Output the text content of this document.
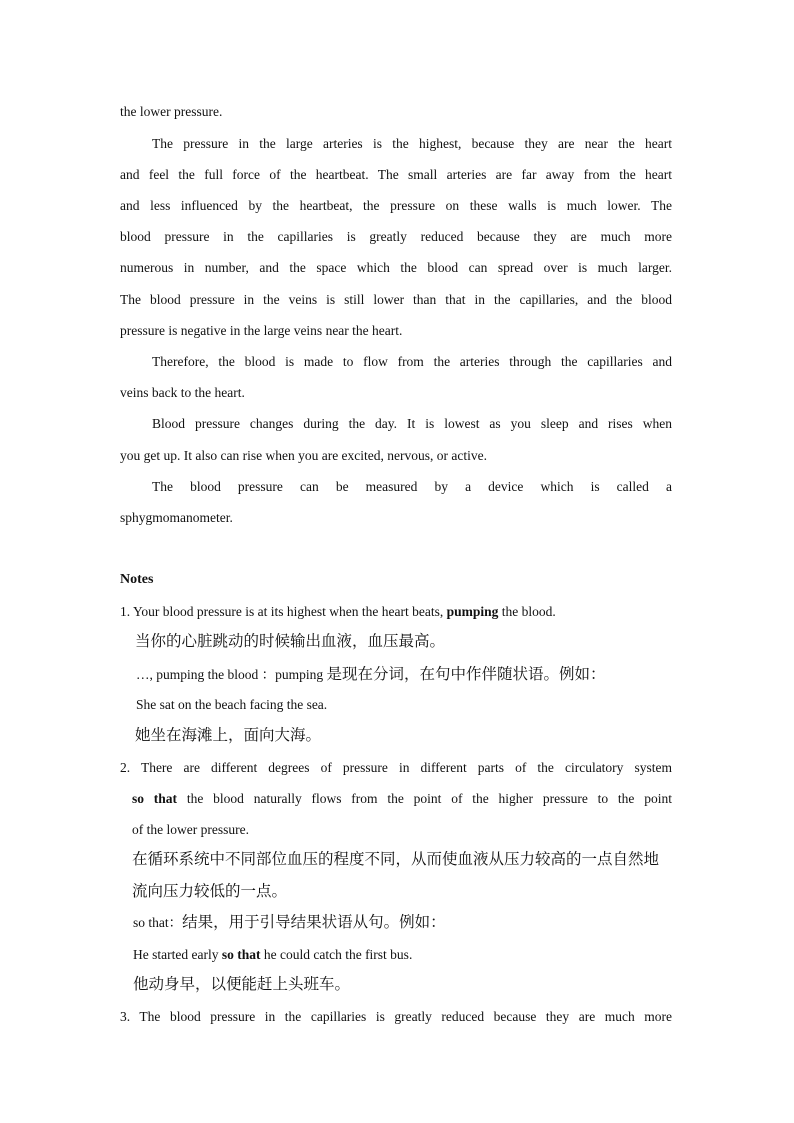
the lower pressure.
The pressure in the large arteries is the highest, because they are near the heart
and feel the full force of the heartbeat. The small arteries are far away from the heart
and less influenced by the heartbeat, the pressure on these walls is much lower. The
blood pressure in the capillaries is greatly reduced because they are much more
numerous in number, and the space which the blood can spread over is much larger.
The blood pressure in the veins is still lower than that in the capillaries, and the blood
pressure is negative in the large veins near the heart.
Therefore, the blood is made to flow from the arteries through the capillaries and
veins back to the heart.
Blood pressure changes during the day. It is lowest as you sleep and rises when
you get up. It also can rise when you are excited, nervous, or active.
The blood pressure can be measured by a device which is called a
sphygmomanometer.
Notes
1. Your blood pressure is at its highest when the heart beats, pumping the blood.
当你的心脏跳动的时候输出血液，血压最高。
…, pumping the blood ：pumping 是现在分词，在句中作伴随状语。例如：
She sat on the beach facing the sea.
她坐在海滩上，面向大海。
2. There are different degrees of pressure in different parts of the circulatory system
so that the blood naturally flows from the point of the higher pressure to the point
of the lower pressure.
在循环系统中不同部位血压的程度不同，从而使血液从压力较高的一点自然地
流向压力较低的一点。
so that：结果，用于引导结果状语从句。例如：
He started early so that he could catch the first bus.
他动身早，以便能赶上头班车。
3. The blood pressure in the capillaries is greatly reduced because they are much more
